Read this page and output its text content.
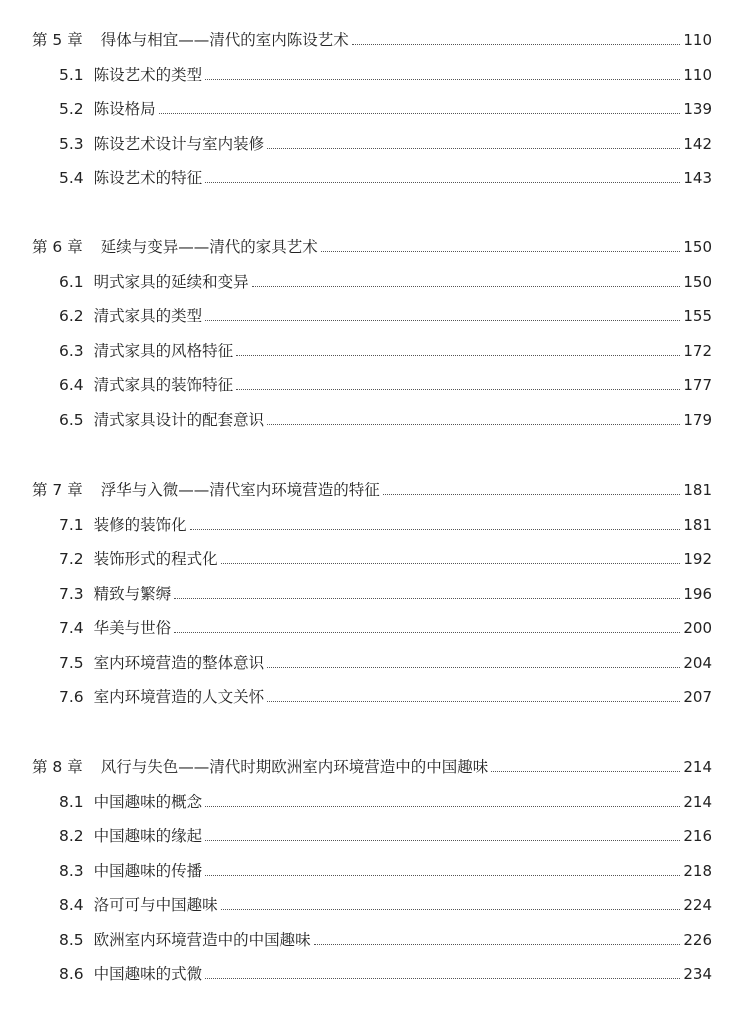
第 5 章 得体与相宜——清代的室内陈设艺术	110
5.1 陈设艺术的类型	110
5.2 陈设格局	139
5.3 陈设艺术设计与室内装修	142
5.4 陈设艺术的特征	143
第 6 章 延续与变异——清代的家具艺术	150
6.1 明式家具的延续和变异	150
6.2 清式家具的类型	155
6.3 清式家具的风格特征	172
6.4 清式家具的装饰特征	177
6.5 清式家具设计的配套意识	179
第 7 章 浮华与入微——清代室内环境营造的特征	181
7.1 装修的装饰化	181
7.2 装饰形式的程式化	192
7.3 精致与繁缛	196
7.4 华美与世俗	200
7.5 室内环境营造的整体意识	204
7.6 室内环境营造的人文关怀	207
第 8 章 风行与失色——清代时期欧洲室内环境营造中的中国趣味	214
8.1 中国趣味的概念	214
8.2 中国趣味的缘起	216
8.3 中国趣味的传播	218
8.4 洛可可与中国趣味	224
8.5 欧洲室内环境营造中的中国趣味	226
8.6 中国趣味的式微	234
